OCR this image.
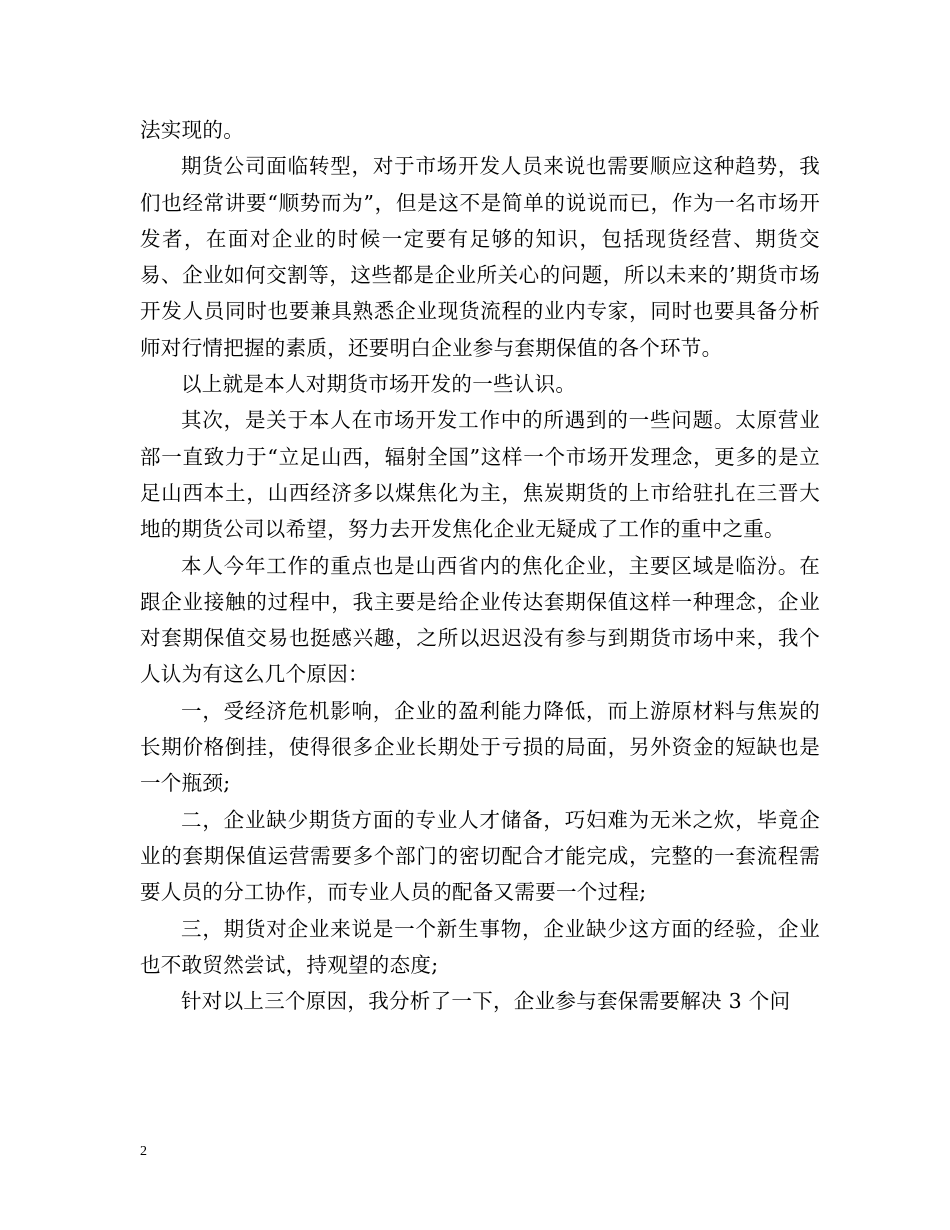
法实现的。

期货公司面临转型，对于市场开发人员来说也需要顺应这种趋势，我们也经常讲要“顺势而为”，但是这不是简单的说说而已，作为一名市场开发者，在面对企业的时候一定要有足够的知识，包括现货经营、期货交易、企业如何交割等，这些都是企业所关心的问题，所以未来的’期货市场开发人员同时也要兼具熟悉企业现货流程的业内专家，同时也要具备分析师对行情把握的素质，还要明白企业参与套期保值的各个环节。

以上就是本人对期货市场开发的一些认识。

其次，是关于本人在市场开发工作中的所遇到的一些问题。太原营业部一直致力于“立足山西，辐射全国”这样一个市场开发理念，更多的是立足山西本土，山西经济多以煤焦化为主，焦炭期货的上市给驻扎在三晋大地的期货公司以希望，努力去开发焦化企业无疑成了工作的重中之重。

本人今年工作的重点也是山西省内的焦化企业，主要区域是临汾。在跟企业接触的过程中，我主要是给企业传达套期保值这样一种理念，企业对套期保值交易也挺感兴趣，之所以迟迟没有参与到期货市场中来，我个人认为有这么几个原因：

一，受经济危机影响，企业的盈利能力降低，而上游原材料与焦炭的长期价格倒挂，使得很多企业长期处于亏损的局面，另外资金的短缺也是一个瓶颈;

二，企业缺少期货方面的专业人才储备，巧妇难为无米之炊，毕竟企业的套期保值运营需要多个部门的密切配合才能完成，完整的一套流程需要人员的分工协作，而专业人员的配备又需要一个过程;

三，期货对企业来说是一个新生事物，企业缺少这方面的经验，企业也不敢贸然尝试，持观望的态度;

针对以上三个原因，我分析了一下，企业参与套保需要解决 3 个问

2
